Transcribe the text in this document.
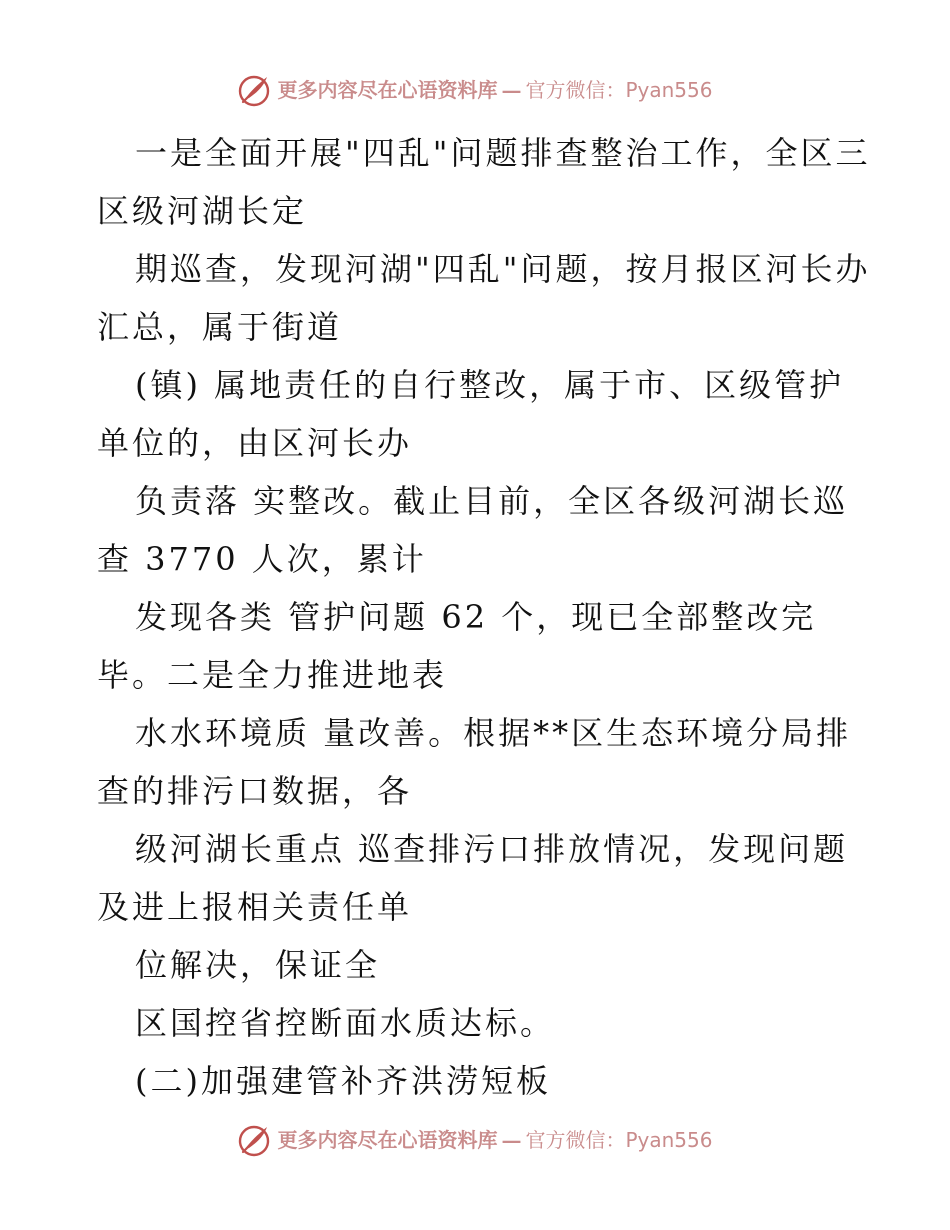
更多内容尽在心语资料库 — 官方微信：Pyan556
一是全面开展"四乱"问题排查整治工作，全区三
区级河湖长定
期巡查，发现河湖"四乱"问题，按月报区河长办
汇总，属于街道
(镇) 属地责任的自行整改，属于市、区级管护
单位的，由区河长办
负责落 实整改。截止目前，全区各级河湖长巡
查 3770 人次，累计
发现各类 管护问题 62 个，现已全部整改完
毕。二是全力推进地表
水水环境质 量改善。根据**区生态环境分局排
查的排污口数据，各
级河湖长重点 巡查排污口排放情况，发现问题
及进上报相关责任单
位解决，保证全
区国控省控断面水质达标。
(二)加强建管补齐洪涝短板
更多内容尽在心语资料库 — 官方微信：Pyan556
